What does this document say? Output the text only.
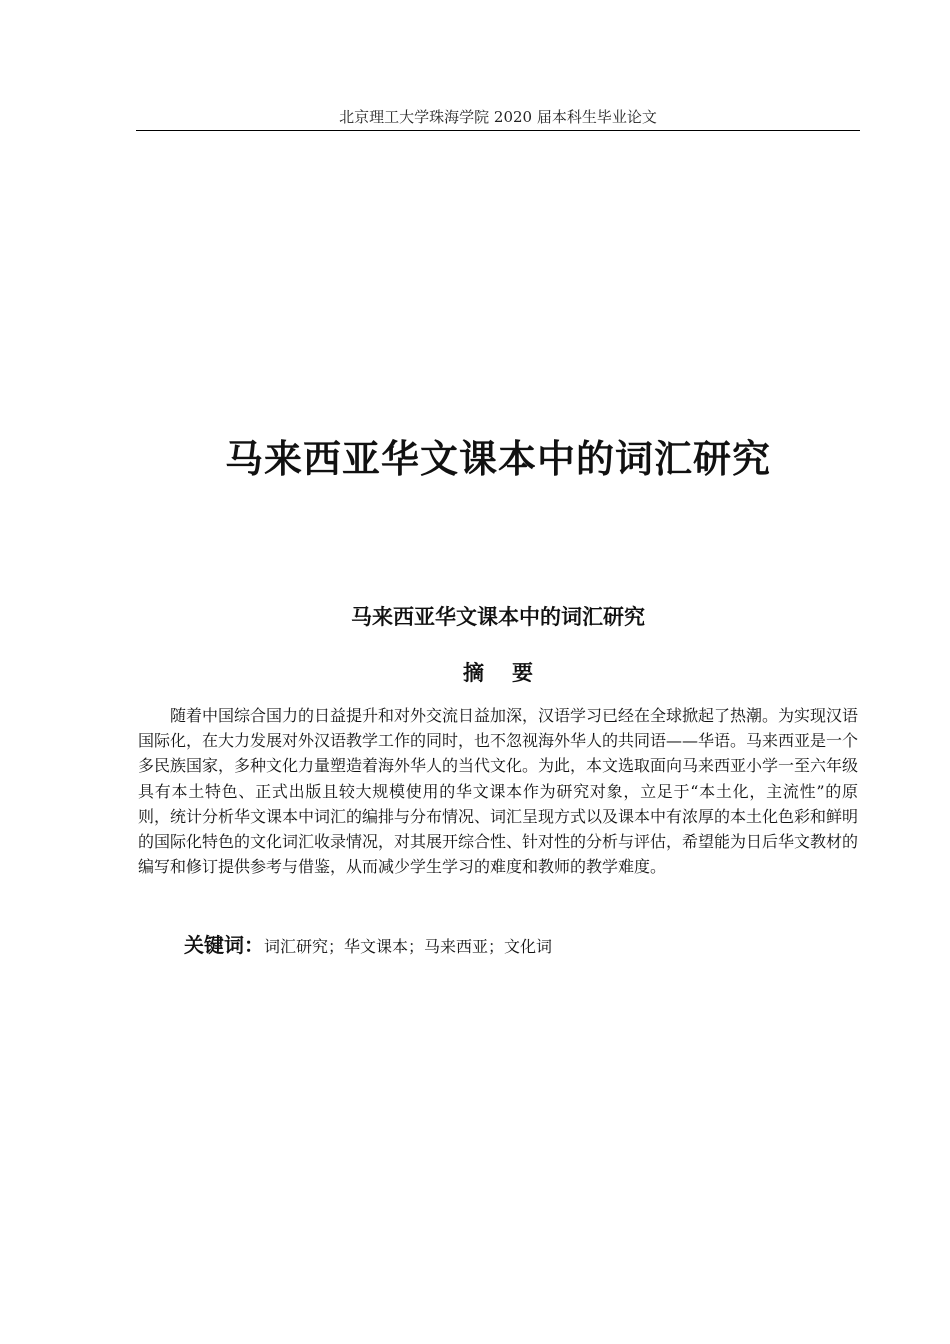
北京理工大学珠海学院 2020 届本科生毕业论文
马来西亚华文课本中的词汇研究
马来西亚华文课本中的词汇研究
摘要

随着中国综合国力的日益提升和对外交流日益加深，汉语学习已经在全球掀起了热潮。为实现汉语国际化，在大力发展对外汉语教学工作的同时，也不忽视海外华人的共同语——华语。马来西亚是一个多民族国家，多种文化力量塑造着海外华人的当代文化。为此，本文选取面向马来西亚小学一至六年级具有本土特色、正式出版且较大规模使用的华文课本作为研究对象，立足于“本土化，主流性”的原则，统计分析华文课本中词汇的编排与分布情况、词汇呈现方式以及课本中有浓厚的本土化色彩和鲜明的国际化特色的文化词汇收录情况，对其展开综合性、针对性的分析与评估，希望能为日后华文教材的编写和修订提供参考与借鉴，从而减少学生学习的难度和教师的教学难度。

关键词：词汇研究；华文课本；马来西亚；文化词
